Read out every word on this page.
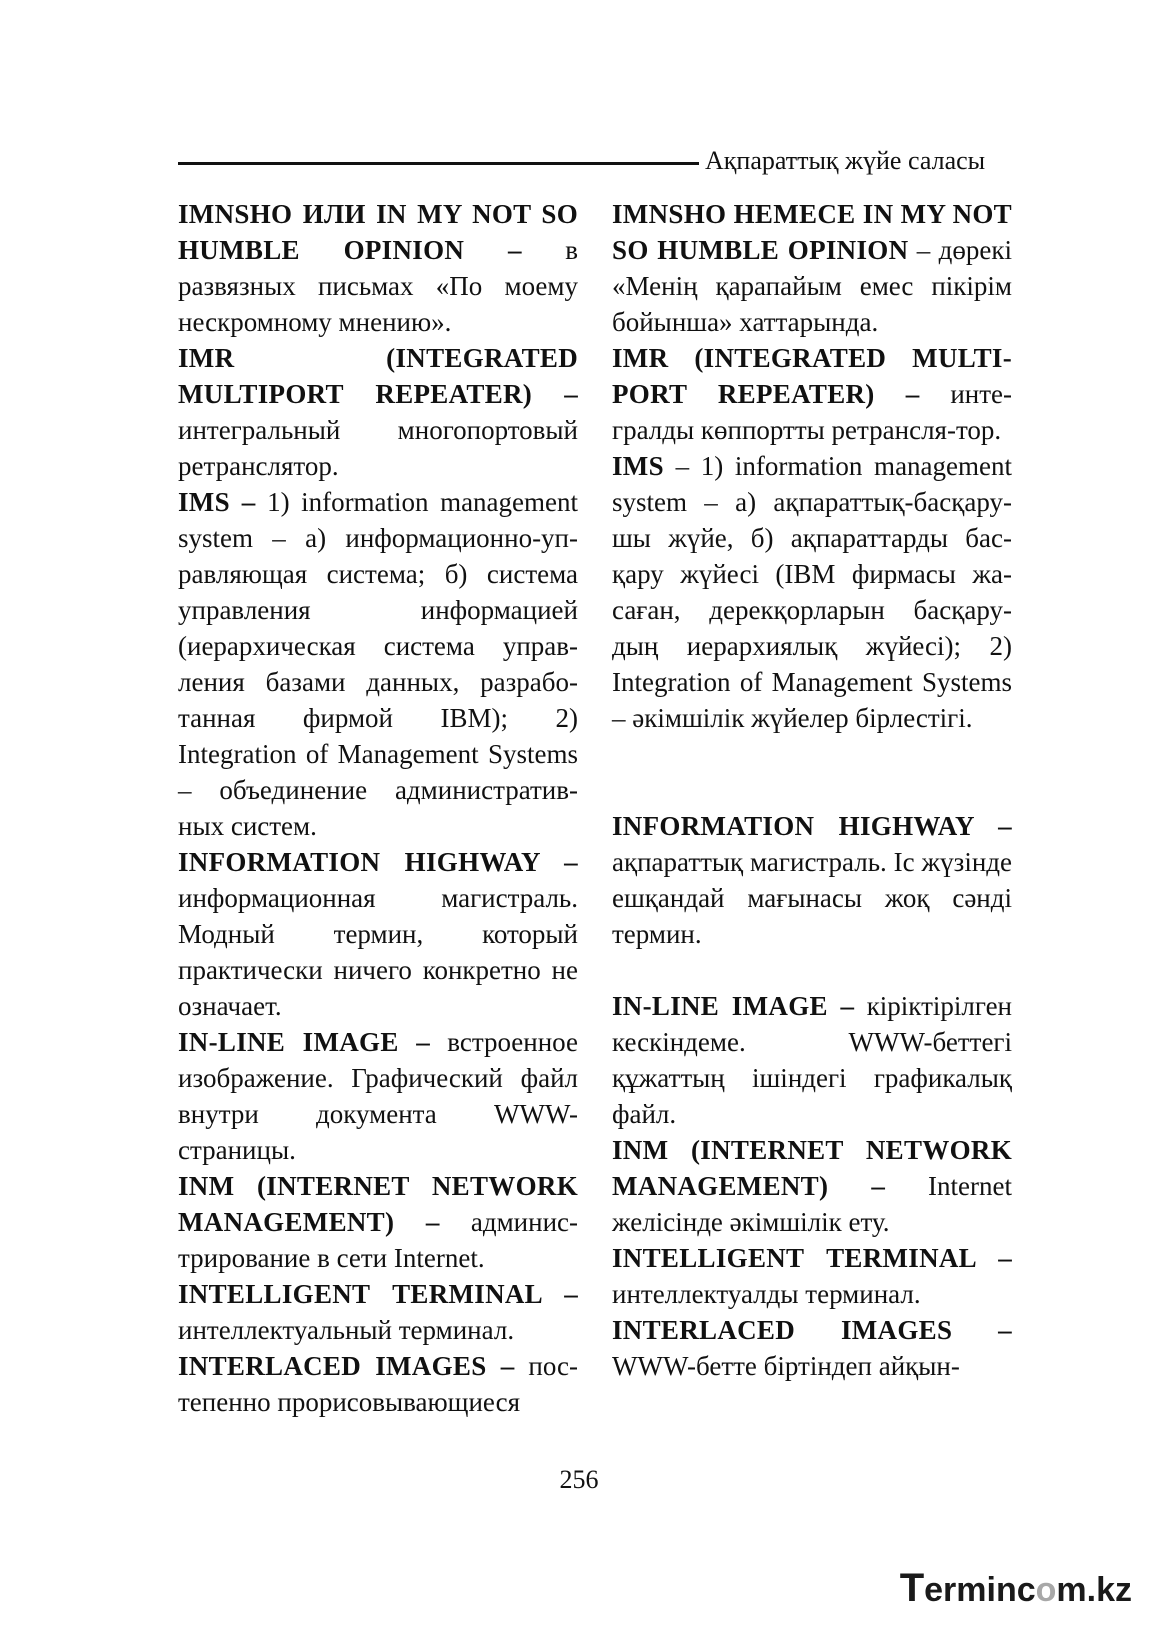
Ақпараттық жүйе саласы

IMNSHO ИЛИ IN MY NOT SO HUMBLE OPINION – в развязных письмах «По моему нескромному мнению».

IMR (INTEGRATED MULTIPORT REPEATER) – интегральный многопортовый ретранслятор.

IMS – 1) information management system – а) информационно-уп-равляющая система; б) система управления информацией (иерархическая система управ-ления базами данных, разрабо-танная фирмой IBM); 2) Integration of Management Systems – объединение административ-ных систем.

INFORMATION HIGHWAY – информационная магистраль. Модный термин, который практически ничего конкретно не означает.

IN-LINE IMAGE – встроенное изображение. Графический файл внутри документа WWW-страницы.

INM (INTERNET NETWORK MANAGEMENT) – админис-трирование в сети Internet.

INTELLIGENT TERMINAL – интеллектуальный терминал.

INTERLACED IMAGES – пос-тепенно прорисовывающиеся

IMNSHO НЕМЕСЕ IN MY NOT SO HUMBLE OPINION – дөрекі «Менің қарапайым емес пікірім бойынша» хаттарында.

IMR (INTEGRATED MULTI-PORT REPEATER) – инте-гралды көппортты ретрансля-тор.

IMS – 1) information management system – а) ақпараттық-басқару-шы жүйе, б) ақпараттарды бас-қару жүйесі (IBM фирмасы жа-саған, дерекқорларын басқару-дың иерархиялық жүйесі); 2) Integration of Management Systems – әкімшілік жүйелер бірлестігі.

INFORMATION HIGHWAY – ақпараттық магистраль. Іс жүзінде ешқандай мағынасы жоқ сәнді термин.

IN-LINE IMAGE – кіріктірілген кескіндеме. WWW-беттегі құжаттың ішіндегі графикалық файл.

INM (INTERNET NETWORK MANAGEMENT) – Internet желісінде әкімшілік ету.

INTELLIGENT TERMINAL – интеллектуалды терминал.

INTERLACED IMAGES – WWW-бетте біртіндеп айқын-

256
Termincom.kz
